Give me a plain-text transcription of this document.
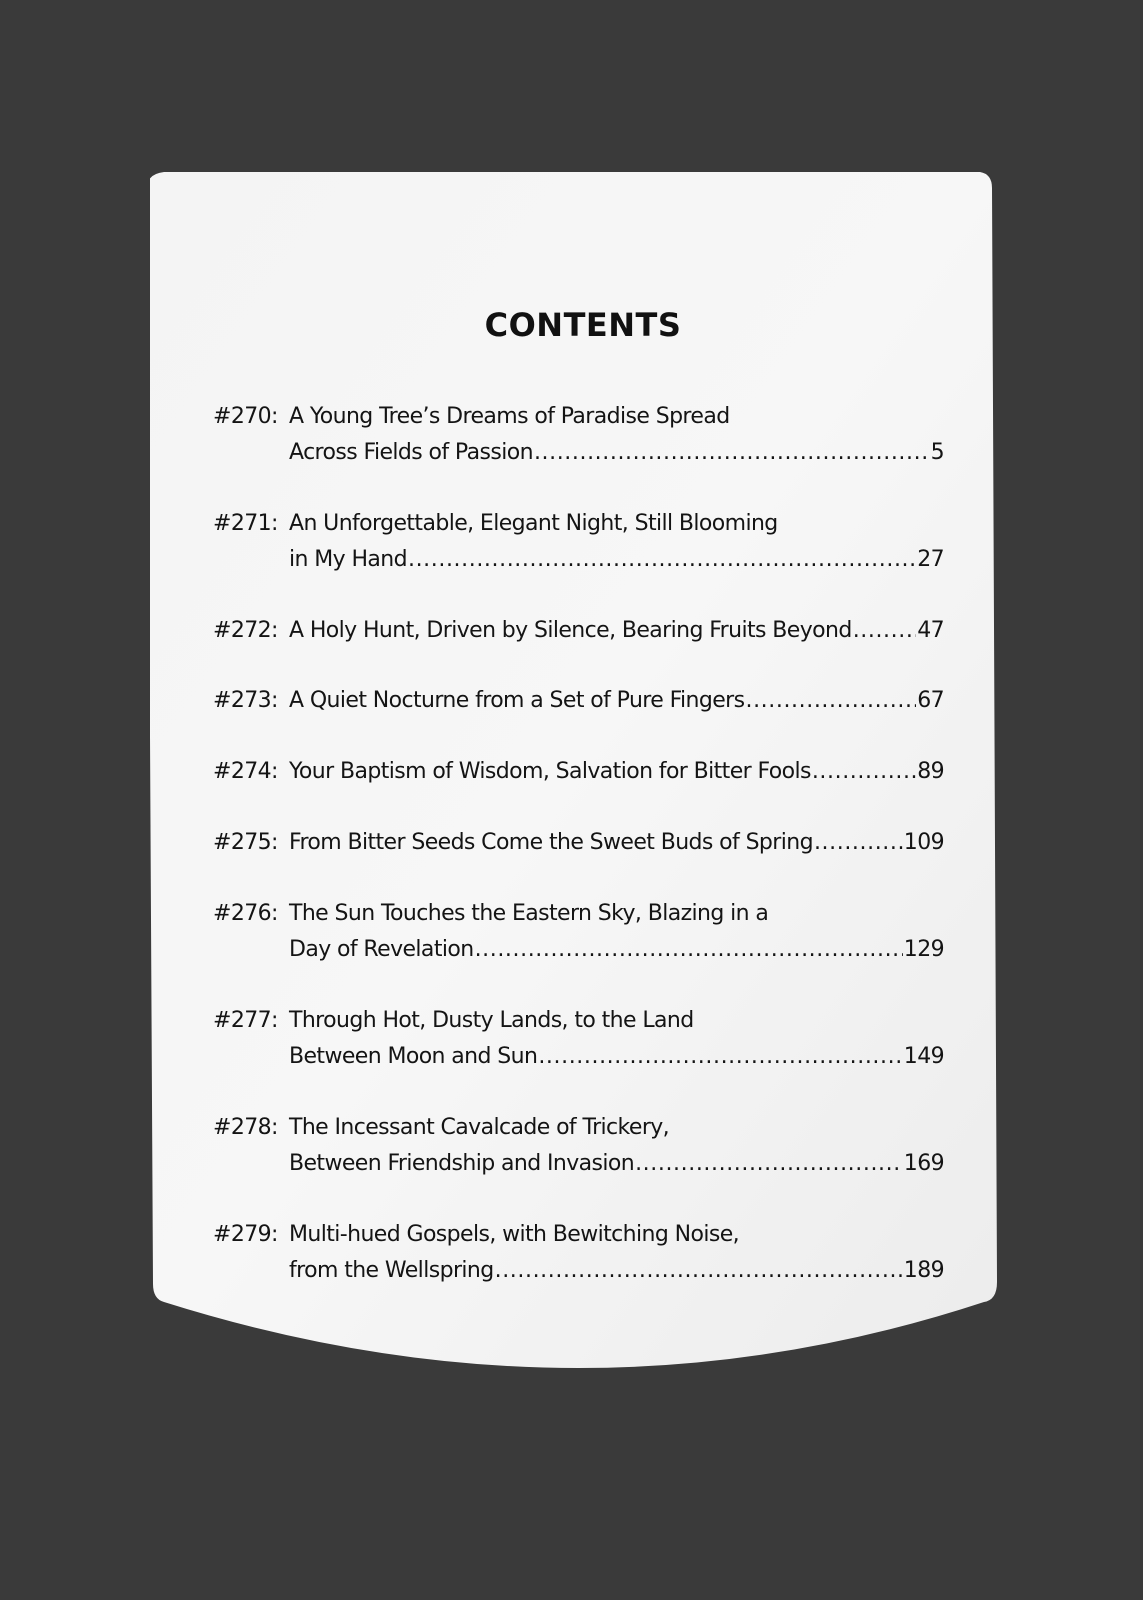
CONTENTS
#270: A Young Tree’s Dreams of Paradise Spread
Across Fields of Passion .....	5
#271: An Unforgettable, Elegant Night, Still Blooming
in My Hand .....	27
#272: A Holy Hunt, Driven by Silence, Bearing Fruits Beyond .....	47
#273: A Quiet Nocturne from a Set of Pure Fingers .....	67
#274: Your Baptism of Wisdom, Salvation for Bitter Fools .....	89
#275: From Bitter Seeds Come the Sweet Buds of Spring .....	109
#276: The Sun Touches the Eastern Sky, Blazing in a
Day of Revelation .....	129
#277: Through Hot, Dusty Lands, to the Land
Between Moon and Sun .....	149
#278: The Incessant Cavalcade of Trickery,
Between Friendship and Invasion .....	169
#279: Multi-hued Gospels, with Bewitching Noise,
from the Wellspring .....	189
